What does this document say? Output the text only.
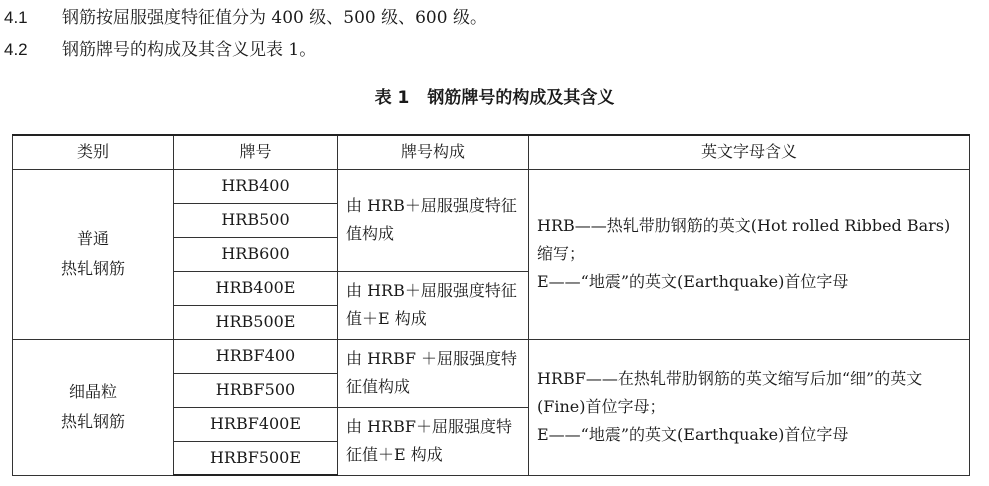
4.1 钢筋按屈服强度特征值分为 400 级、500 级、600 级。
4.2 钢筋牌号的构成及其含义见表 1。
表 1 钢筋牌号的构成及其含义
类别	牌号	牌号构成	英文字母含义
普通
热轧钢筋	HRB400	由 HRB＋屈服强度特征值构成	HRB——热轧带肋钢筋的英文(Hot rolled Ribbed Bars)缩写；
E——“地震”的英文(Earthquake)首位字母

	HRB500		
	HRB600		
	HRB400E	由 HRB＋屈服强度特征值＋E 构成	
	HRB500E		
细晶粒
热轧钢筋	HRBF400	由 HRBF ＋屈服强度特征值构成	HRBF——在热轧带肋钢筋的英文缩写后加“细”的英文(Fine)首位字母；
E——“地震”的英文(Earthquake)首位字母

	HRBF500		
	HRBF400E	由 HRBF＋屈服强度特征值＋E 构成	
	HRBF500E		
